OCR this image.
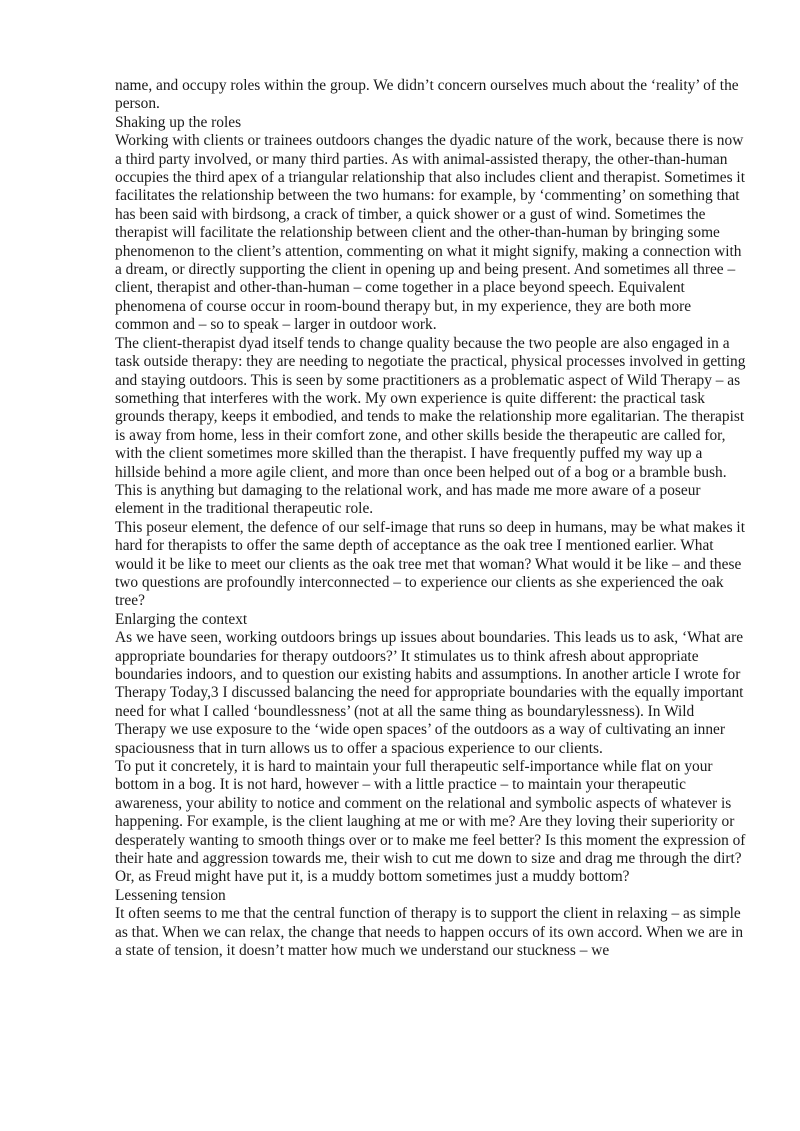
name, and occupy roles within the group. We didn’t concern ourselves much about the ‘reality’ of the person.

Shaking up the roles

Working with clients or trainees outdoors changes the dyadic nature of the work, because there is now a third party involved, or many third parties. As with animal-assisted therapy, the other-than-human occupies the third apex of a triangular relationship that also includes client and therapist. Sometimes it facilitates the relationship between the two humans: for example, by ‘commenting’ on something that has been said with birdsong, a crack of timber, a quick shower or a gust of wind. Sometimes the therapist will facilitate the relationship between client and the other-than-human by bringing some phenomenon to the client’s attention, commenting on what it might signify, making a connection with a dream, or directly supporting the client in opening up and being present. And sometimes all three – client, therapist and other-than-human – come together in a place beyond speech. Equivalent phenomena of course occur in room-bound therapy but, in my experience, they are both more common and – so to speak – larger in outdoor work.

The client-therapist dyad itself tends to change quality because the two people are also engaged in a task outside therapy: they are needing to negotiate the practical, physical processes involved in getting and staying outdoors. This is seen by some practitioners as a problematic aspect of Wild Therapy – as something that interferes with the work. My own experience is quite different: the practical task grounds therapy, keeps it embodied, and tends to make the relationship more egalitarian. The therapist is away from home, less in their comfort zone, and other skills beside the therapeutic are called for, with the client sometimes more skilled than the therapist. I have frequently puffed my way up a hillside behind a more agile client, and more than once been helped out of a bog or a bramble bush. This is anything but damaging to the relational work, and has made me more aware of a poseur element in the traditional therapeutic role.

This poseur element, the defence of our self-image that runs so deep in humans, may be what makes it hard for therapists to offer the same depth of acceptance as the oak tree I mentioned earlier. What would it be like to meet our clients as the oak tree met that woman? What would it be like – and these two questions are profoundly interconnected – to experience our clients as she experienced the oak tree?

Enlarging the context

As we have seen, working outdoors brings up issues about boundaries. This leads us to ask, ‘What are appropriate boundaries for therapy outdoors?’ It stimulates us to think afresh about appropriate boundaries indoors, and to question our existing habits and assumptions. In another article I wrote for Therapy Today,3 I discussed balancing the need for appropriate boundaries with the equally important need for what I called ‘boundlessness’ (not at all the same thing as boundarylessness). In Wild Therapy we use exposure to the ‘wide open spaces’ of the outdoors as a way of cultivating an inner spaciousness that in turn allows us to offer a spacious experience to our clients.

To put it concretely, it is hard to maintain your full therapeutic self-importance while flat on your bottom in a bog. It is not hard, however – with a little practice – to maintain your therapeutic awareness, your ability to notice and comment on the relational and symbolic aspects of whatever is happening. For example, is the client laughing at me or with me? Are they loving their superiority or desperately wanting to smooth things over or to make me feel better? Is this moment the expression of their hate and aggression towards me, their wish to cut me down to size and drag me through the dirt? Or, as Freud might have put it, is a muddy bottom sometimes just a muddy bottom?

Lessening tension

It often seems to me that the central function of therapy is to support the client in relaxing – as simple as that. When we can relax, the change that needs to happen occurs of its own accord. When we are in a state of tension, it doesn’t matter how much we understand our stuckness – we
